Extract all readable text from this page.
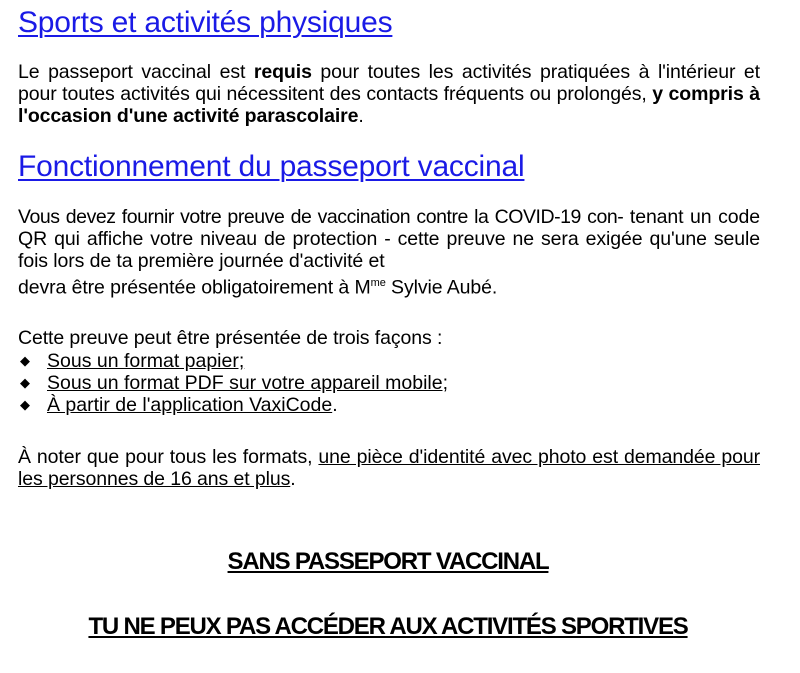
Sports et activités physiques

Le passeport vaccinal est requis pour toutes les activités pratiquées à l'intérieur et pour toutes activités qui nécessitent des contacts fréquents ou prolongés, y compris à l'occasion d'une activité parascolaire.

Fonctionnement du passeport vaccinal

Vous devez fournir votre preuve de vaccination contre la COVID-19 con- tenant un code QR qui affiche votre niveau de protection - cette preuve ne sera exigée qu'une seule fois lors de ta première journée d'activité et
devra être présentée obligatoirement à $M^{me}$ Sylvie Aubé.

Cette preuve peut être présentée de trois façons :

◆ Sous un format papier;
◆ Sous un format PDF sur votre appareil mobile;
◆ À partir de l'application VaxiCode.

À noter que pour tous les formats, une pièce d'identité avec photo est demandée pour les personnes de 16 ans et plus.

SANS PASSEPORT VACCINAL

TU NE PEUX PAS ACCÉDER AUX ACTIVITÉS SPORTIVES
